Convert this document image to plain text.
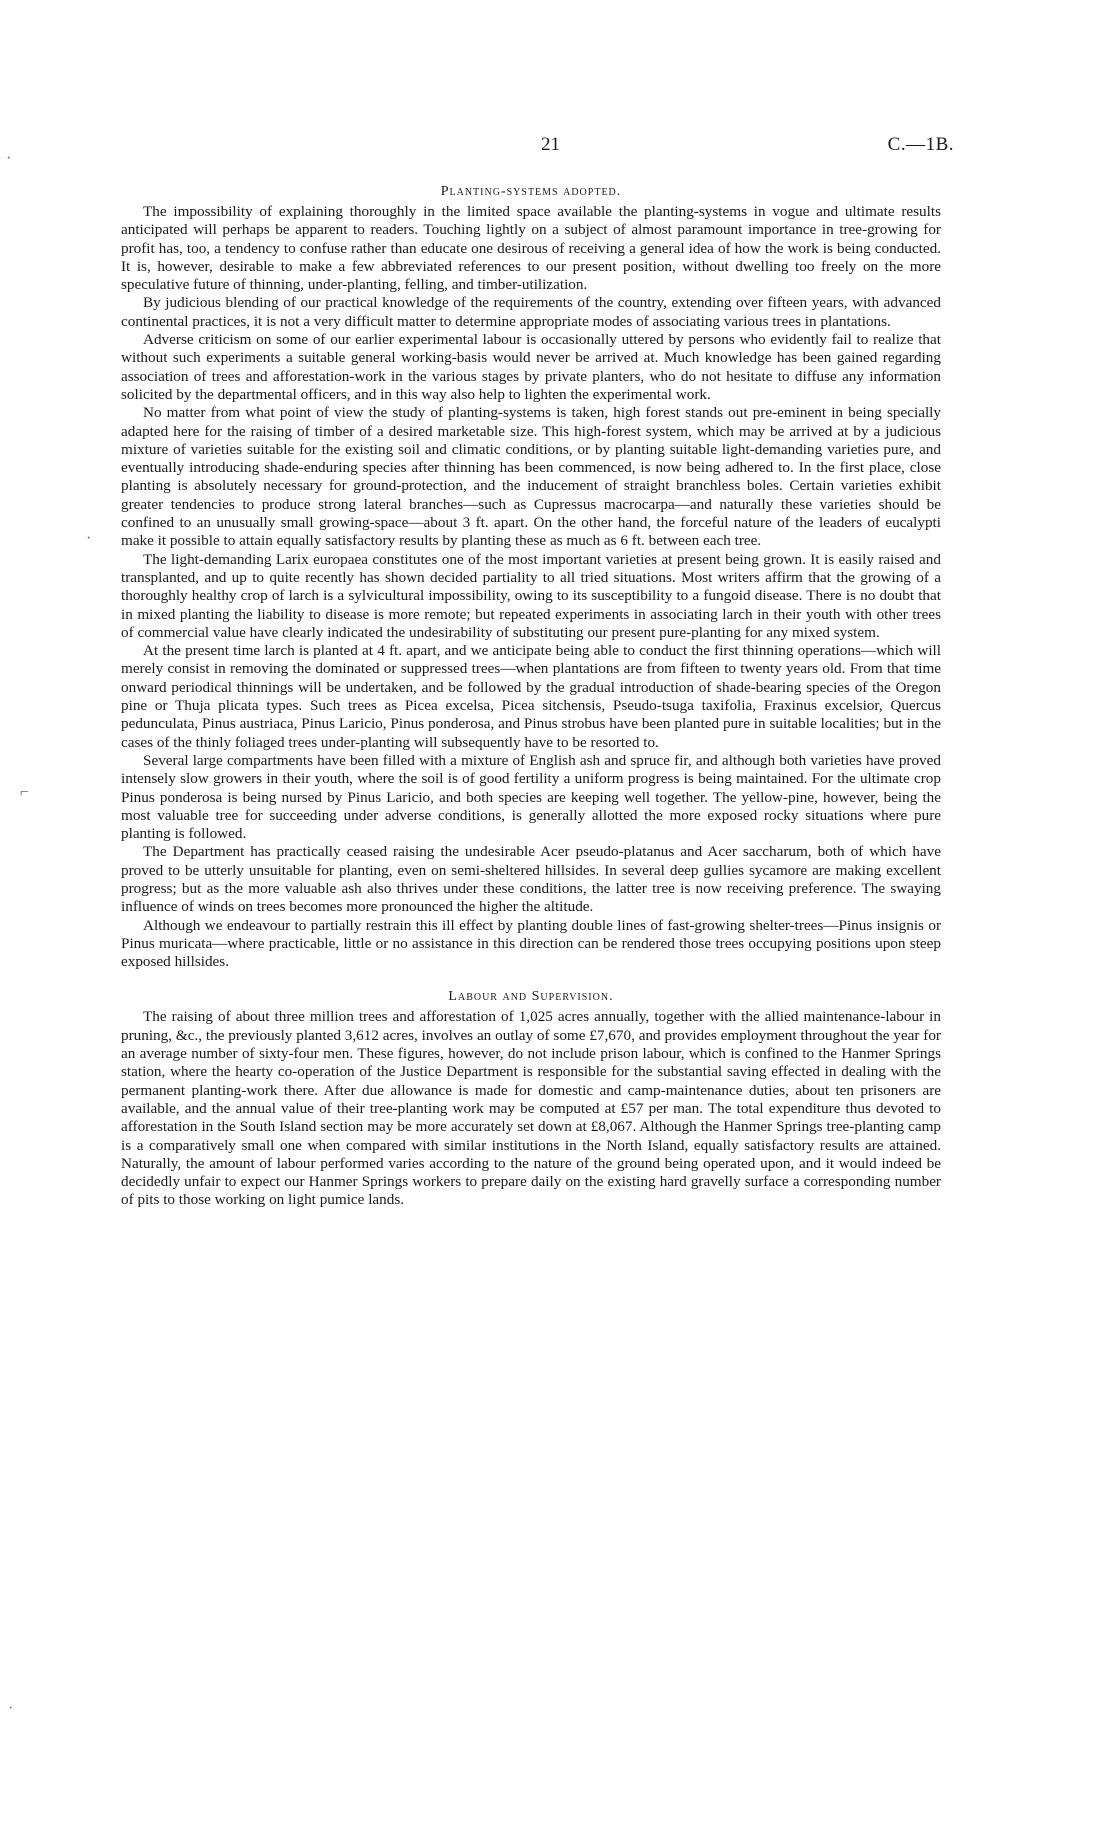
21	C.—1B.
·
·
⌐
·
Planting-systems adopted.

The impossibility of explaining thoroughly in the limited space available the planting-systems in vogue and ultimate results anticipated will perhaps be apparent to readers. Touching lightly on a subject of almost paramount importance in tree-growing for profit has, too, a tendency to confuse rather than educate one desirous of receiving a general idea of how the work is being conducted. It is, however, desirable to make a few abbreviated references to our present position, without dwelling too freely on the more speculative future of thinning, under-planting, felling, and timber-utilization.

By judicious blending of our practical knowledge of the requirements of the country, extending over fifteen years, with advanced continental practices, it is not a very difficult matter to determine appropriate modes of associating various trees in plantations.

Adverse criticism on some of our earlier experimental labour is occasionally uttered by persons who evidently fail to realize that without such experiments a suitable general working-basis would never be arrived at. Much knowledge has been gained regarding association of trees and afforestation-work in the various stages by private planters, who do not hesitate to diffuse any information solicited by the departmental officers, and in this way also help to lighten the experimental work.

No matter from what point of view the study of planting-systems is taken, high forest stands out pre-eminent in being specially adapted here for the raising of timber of a desired marketable size. This high-forest system, which may be arrived at by a judicious mixture of varieties suitable for the existing soil and climatic conditions, or by planting suitable light-demanding varieties pure, and eventually introducing shade-enduring species after thinning has been commenced, is now being adhered to. In the first place, close planting is absolutely necessary for ground-protection, and the inducement of straight branchless boles. Certain varieties exhibit greater tendencies to produce strong lateral branches—such as Cupressus macrocarpa—and naturally these varieties should be confined to an unusually small growing-space—about 3 ft. apart. On the other hand, the forceful nature of the leaders of eucalypti make it possible to attain equally satisfactory results by planting these as much as 6 ft. between each tree.

The light-demanding Larix europaea constitutes one of the most important varieties at present being grown. It is easily raised and transplanted, and up to quite recently has shown decided partiality to all tried situations. Most writers affirm that the growing of a thoroughly healthy crop of larch is a sylvicultural impossibility, owing to its susceptibility to a fungoid disease. There is no doubt that in mixed planting the liability to disease is more remote; but repeated experiments in associating larch in their youth with other trees of commercial value have clearly indicated the undesirability of substituting our present pure-planting for any mixed system.

At the present time larch is planted at 4 ft. apart, and we anticipate being able to conduct the first thinning operations—which will merely consist in removing the dominated or suppressed trees—when plantations are from fifteen to twenty years old. From that time onward periodical thinnings will be undertaken, and be followed by the gradual introduction of shade-bearing species of the Oregon pine or Thuja plicata types. Such trees as Picea excelsa, Picea sitchensis, Pseudo-tsuga taxifolia, Fraxinus excelsior, Quercus pedunculata, Pinus austriaca, Pinus Laricio, Pinus ponderosa, and Pinus strobus have been planted pure in suitable localities; but in the cases of the thinly foliaged trees under-planting will subsequently have to be resorted to.

Several large compartments have been filled with a mixture of English ash and spruce fir, and although both varieties have proved intensely slow growers in their youth, where the soil is of good fertility a uniform progress is being maintained. For the ultimate crop Pinus ponderosa is being nursed by Pinus Laricio, and both species are keeping well together. The yellow-pine, however, being the most valuable tree for succeeding under adverse conditions, is generally allotted the more exposed rocky situations where pure planting is followed.

The Department has practically ceased raising the undesirable Acer pseudo-platanus and Acer saccharum, both of which have proved to be utterly unsuitable for planting, even on semi-sheltered hillsides. In several deep gullies sycamore are making excellent progress; but as the more valuable ash also thrives under these conditions, the latter tree is now receiving preference. The swaying influence of winds on trees becomes more pronounced the higher the altitude.

Although we endeavour to partially restrain this ill effect by planting double lines of fast-growing shelter-trees—Pinus insignis or Pinus muricata—where practicable, little or no assistance in this direction can be rendered those trees occupying positions upon steep exposed hillsides.

Labour and Supervision.

The raising of about three million trees and afforestation of 1,025 acres annually, together with the allied maintenance-labour in pruning, &c., the previously planted 3,612 acres, involves an outlay of some £7,670, and provides employment throughout the year for an average number of sixty-four men. These figures, however, do not include prison labour, which is confined to the Hanmer Springs station, where the hearty co-operation of the Justice Department is responsible for the substantial saving effected in dealing with the permanent planting-work there. After due allowance is made for domestic and camp-maintenance duties, about ten prisoners are available, and the annual value of their tree-planting work may be computed at £57 per man. The total expenditure thus devoted to afforestation in the South Island section may be more accurately set down at £8,067. Although the Hanmer Springs tree-planting camp is a comparatively small one when compared with similar institutions in the North Island, equally satisfactory results are attained. Naturally, the amount of labour performed varies according to the nature of the ground being operated upon, and it would indeed be decidedly unfair to expect our Hanmer Springs workers to prepare daily on the existing hard gravelly surface a corresponding number of pits to those working on light pumice lands.
